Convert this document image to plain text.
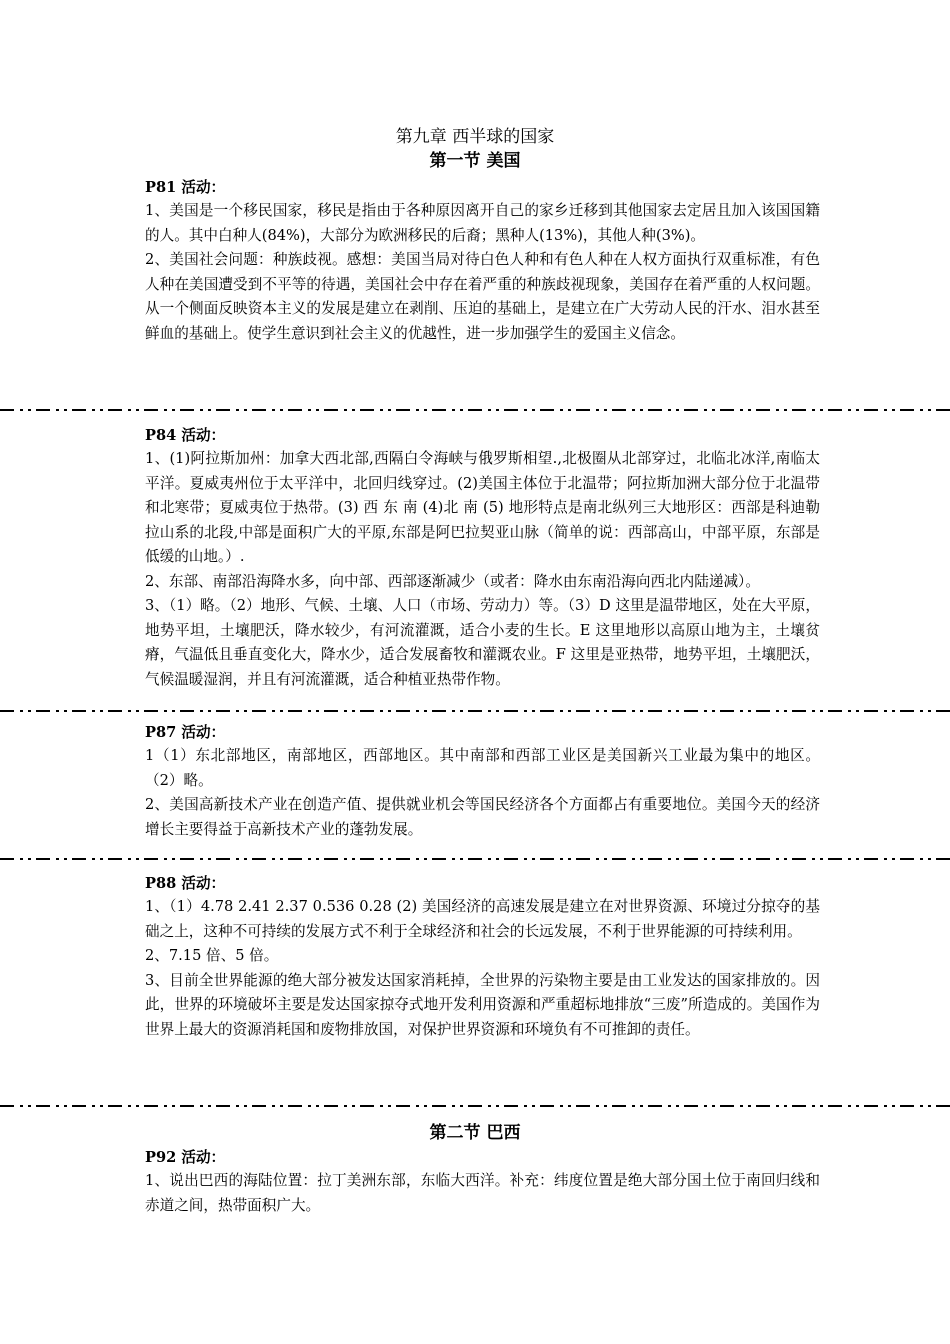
第九章 西半球的国家
第一节 美国
P81 活动：

1、美国是一个移民国家，移民是指由于各种原因离开自己的家乡迁移到其他国家去定居且加入该国国籍的人。其中白种人(84%)，大部分为欧洲移民的后裔；黑种人(13%)，其他人种(3%)。

2、美国社会问题：种族歧视。感想：美国当局对待白色人种和有色人种在人权方面执行双重标准，有色人种在美国遭受到不平等的待遇，美国社会中存在着严重的种族歧视现象，美国存在着严重的人权问题。从一个侧面反映资本主义的发展是建立在剥削、压迫的基础上，是建立在广大劳动人民的汗水、泪水甚至鲜血的基础上。使学生意识到社会主义的优越性，进一步加强学生的爱国主义信念。

P84 活动：

1、(1)阿拉斯加州：加拿大西北部,西隔白令海峡与俄罗斯相望.,北极圈从北部穿过，北临北冰洋,南临太平洋。夏威夷州位于太平洋中，北回归线穿过。(2)美国主体位于北温带；阿拉斯加洲大部分位于北温带和北寒带；夏威夷位于热带。(3) 西 东 南 (4)北 南 (5) 地形特点是南北纵列三大地形区：西部是科迪勒拉山系的北段,中部是面积广大的平原,东部是阿巴拉契亚山脉（简单的说：西部高山，中部平原，东部是低缓的山地。）.

2、东部、南部沿海降水多，向中部、西部逐渐减少（或者：降水由东南沿海向西北内陆递减）。

3、（1）略。（2）地形、气候、土壤、人口（市场、劳动力）等。（3）D 这里是温带地区，处在大平原，地势平坦，土壤肥沃，降水较少，有河流灌溉，适合小麦的生长。E 这里地形以高原山地为主，土壤贫瘠，气温低且垂直变化大，降水少，适合发展畜牧和灌溉农业。F 这里是亚热带，地势平坦，土壤肥沃，气候温暖湿润，并且有河流灌溉，适合种植亚热带作物。

P87 活动：

1（1）东北部地区，南部地区，西部地区。其中南部和西部工业区是美国新兴工业最为集中的地区。 （2）略。

2、美国高新技术产业在创造产值、提供就业机会等国民经济各个方面都占有重要地位。美国今天的经济增长主要得益于高新技术产业的蓬勃发展。

P88 活动：

1、（1）4.78 2.41 2.37 0.536 0.28 (2) 美国经济的高速发展是建立在对世界资源、环境过分掠夺的基础之上，这种不可持续的发展方式不利于全球经济和社会的长远发展，不利于世界能源的可持续利用。

2、7.15 倍、5 倍。

3、目前全世界能源的绝大部分被发达国家消耗掉，全世界的污染物主要是由工业发达的国家排放的。因此，世界的环境破坏主要是发达国家掠夺式地开发利用资源和严重超标地排放“三废”所造成的。美国作为世界上最大的资源消耗国和废物排放国，对保护世界资源和环境负有不可推卸的责任。

第二节 巴西
P92 活动：

1、说出巴西的海陆位置：拉丁美洲东部，东临大西洋。补充：纬度位置是绝大部分国土位于南回归线和赤道之间，热带面积广大。
